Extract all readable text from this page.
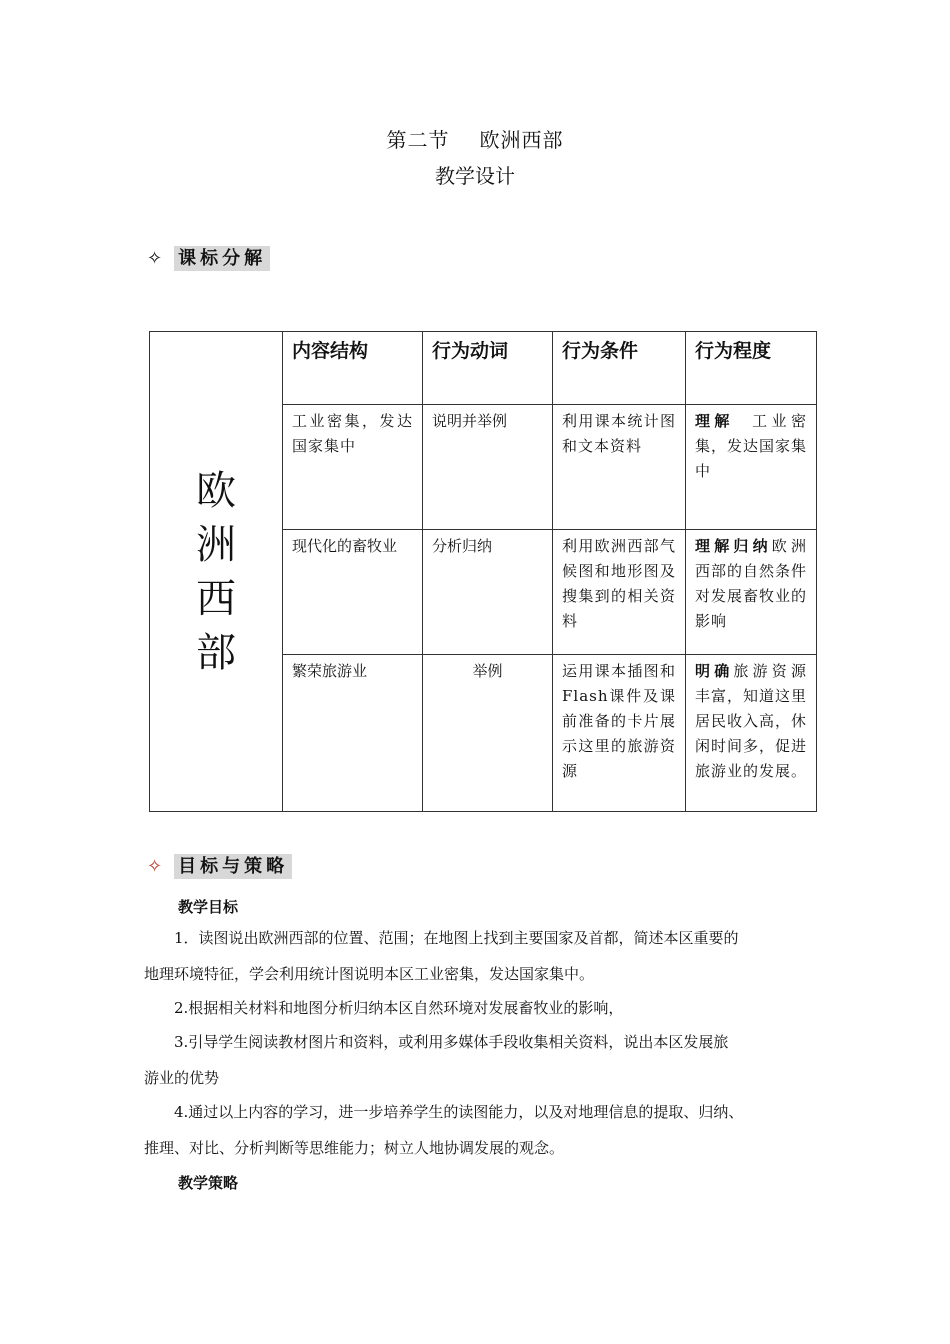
第二节 欧洲西部
教学设计
✧ 课标分解
欧洲西部	内容结构	行为动词	行为条件	行为程度
	工业密集，发达国家集中	说明并举例	利用课本统计图和文本资料	理解 工业密集，发达国家集中
	现代化的畜牧业	分析归纳	利用欧洲西部气候图和地形图及搜集到的相关资料	理解归纳欧洲西部的自然条件对发展畜牧业的影响
	繁荣旅游业	举例	运用课本插图和 Flash课件及课前准备的卡片展示这里的旅游资源	明确旅游资源丰富，知道这里居民收入高，休闲时间多，促进旅游业的发展。
✧ 目标与策略
教学目标
1．读图说出欧洲西部的位置、范围；在地图上找到主要国家及首都，简述本区重要的
地理环境特征，学会利用统计图说明本区工业密集，发达国家集中。
2.根据相关材料和地图分析归纳本区自然环境对发展畜牧业的影响，
3.引导学生阅读教材图片和资料，或利用多媒体手段收集相关资料，说出本区发展旅
游业的优势
4.通过以上内容的学习，进一步培养学生的读图能力，以及对地理信息的提取、归纳、
推理、对比、分析判断等思维能力；树立人地协调发展的观念。
教学策略
